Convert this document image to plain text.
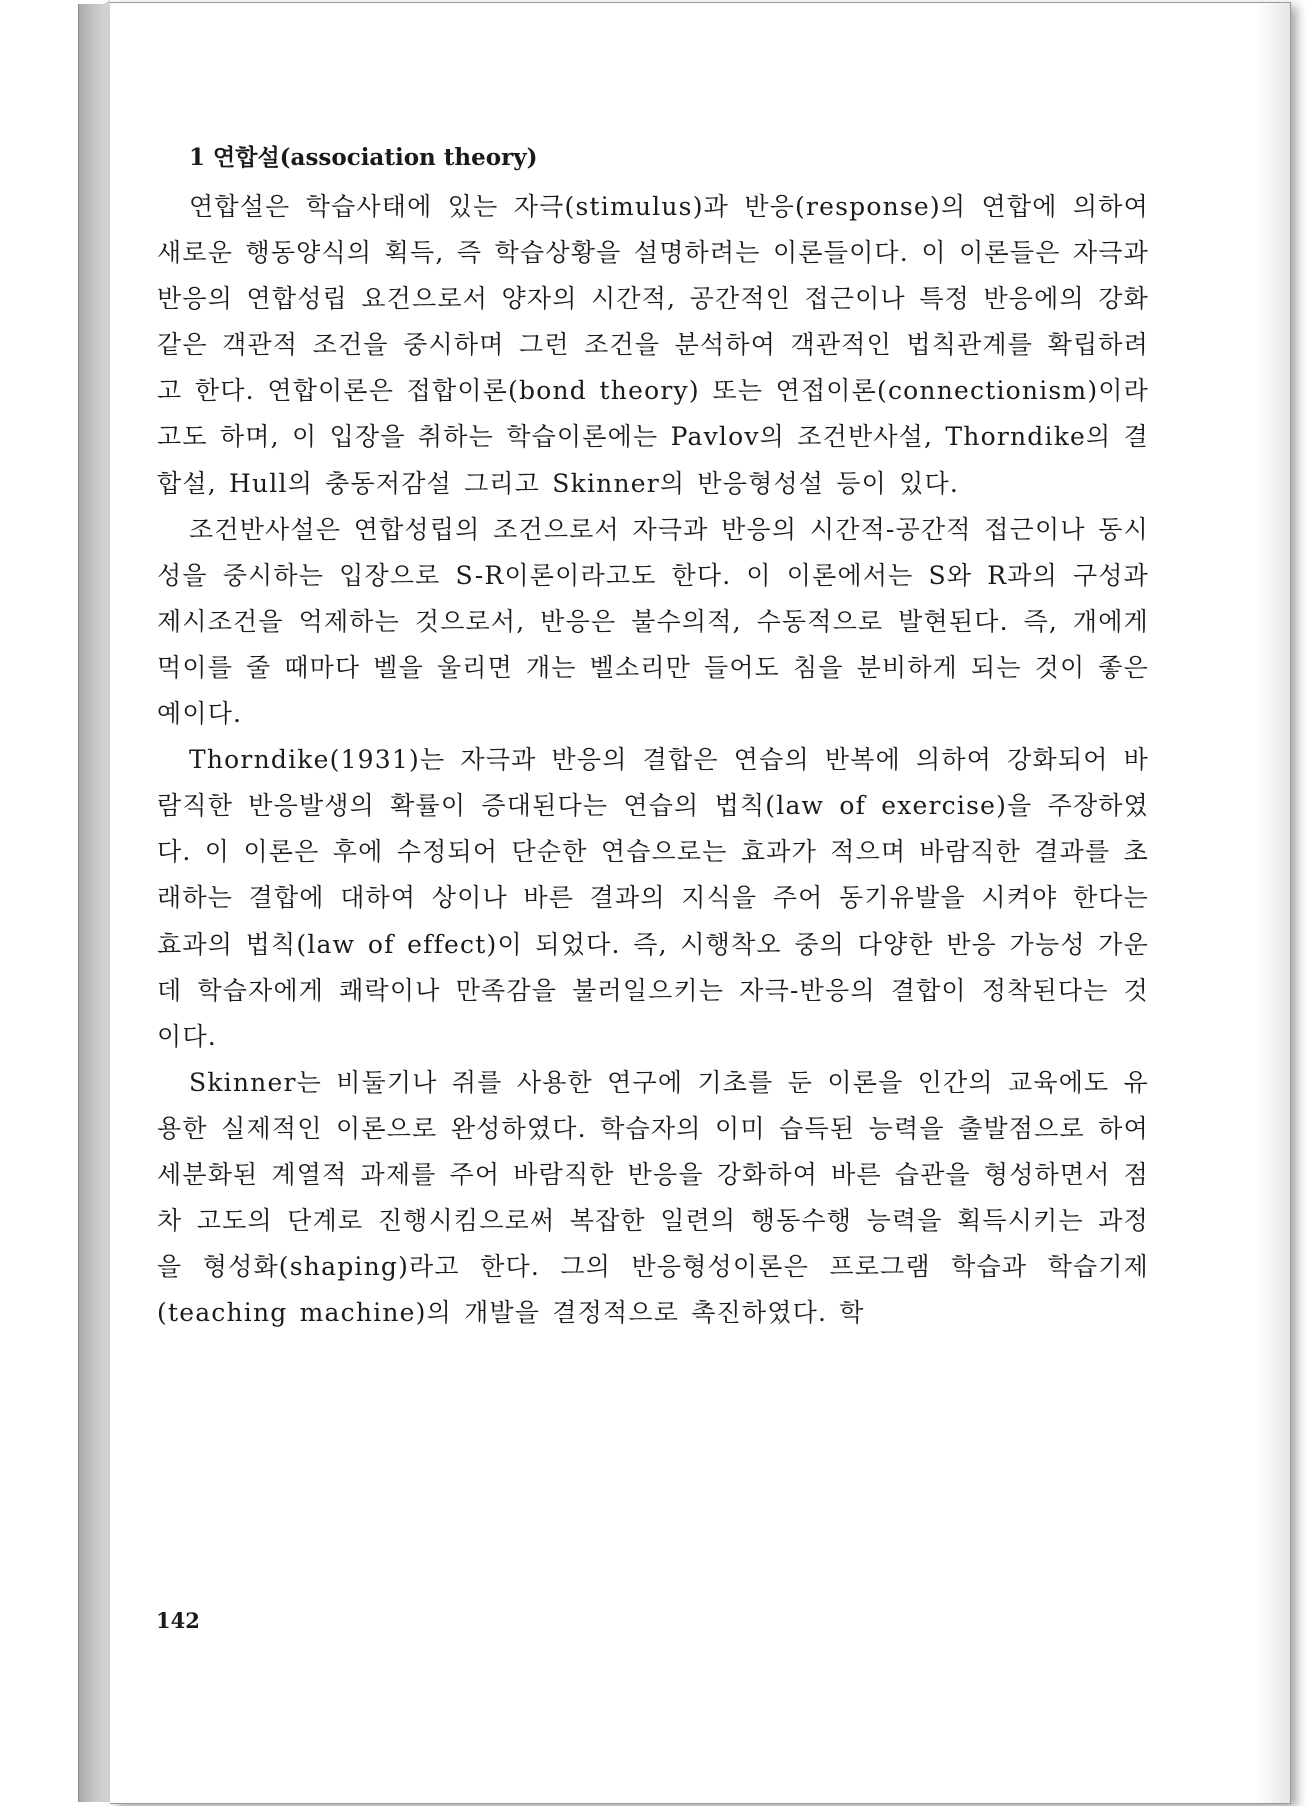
1 연합설(association theory)

연합설은 학습사태에 있는 자극(stimulus)과 반응(response)의 연합에 의하여 새로운 행동양식의 획득, 즉 학습상황을 설명하려는 이론들이다. 이 이론들은 자극과 반응의 연합성립 요건으로서 양자의 시간적, 공간적인 접근이나 특정 반응에의 강화 같은 객관적 조건을 중시하며 그런 조건을 분석하여 객관적인 법칙관계를 확립하려고 한다. 연합이론은 접합이론(bond theory) 또는 연접이론(connectionism)이라고도 하며, 이 입장을 취하는 학습이론에는 Pavlov의 조건반사설, Thorndike의 결합설, Hull의 충동저감설 그리고 Skinner의 반응형성설 등이 있다.

조건반사설은 연합성립의 조건으로서 자극과 반응의 시간적-공간적 접근이나 동시성을 중시하는 입장으로 S-R이론이라고도 한다. 이 이론에서는 S와 R과의 구성과 제시조건을 억제하는 것으로서, 반응은 불수의적, 수동적으로 발현된다. 즉, 개에게 먹이를 줄 때마다 벨을 울리면 개는 벨소리만 들어도 침을 분비하게 되는 것이 좋은 예이다.

Thorndike(1931)는 자극과 반응의 결합은 연습의 반복에 의하여 강화되어 바람직한 반응발생의 확률이 증대된다는 연습의 법칙(law of exercise)을 주장하였다. 이 이론은 후에 수정되어 단순한 연습으로는 효과가 적으며 바람직한 결과를 초래하는 결합에 대하여 상이나 바른 결과의 지식을 주어 동기유발을 시켜야 한다는 효과의 법칙(law of effect)이 되었다. 즉, 시행착오 중의 다양한 반응 가능성 가운데 학습자에게 쾌락이나 만족감을 불러일으키는 자극-반응의 결합이 정착된다는 것이다.

Skinner는 비둘기나 쥐를 사용한 연구에 기초를 둔 이론을 인간의 교육에도 유용한 실제적인 이론으로 완성하였다. 학습자의 이미 습득된 능력을 출발점으로 하여 세분화된 계열적 과제를 주어 바람직한 반응을 강화하여 바른 습관을 형성하면서 점차 고도의 단계로 진행시킴으로써 복잡한 일련의 행동수행 능력을 획득시키는 과정을 형성화(shaping)라고 한다. 그의 반응형성이론은 프로그램 학습과 학습기제(teaching machine)의 개발을 결정적으로 촉진하였다. 학

142
